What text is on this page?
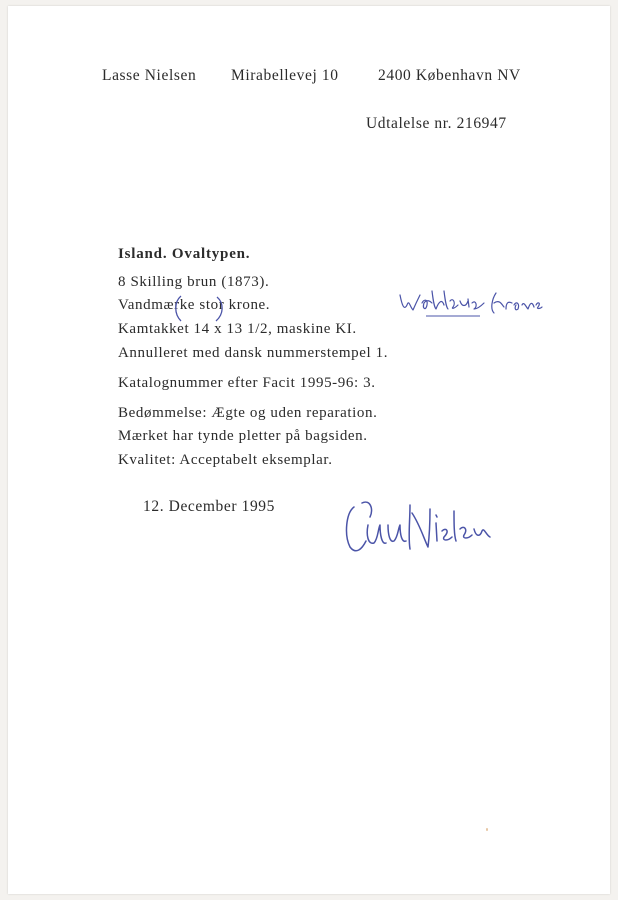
Lasse Nielsen Mirabellevej 10	2400 København NV
Udtalelse nr. 216947
Island. Ovaltypen.
8 Skilling brun (1873).
Vandmærke stor krone.
Kamtakket 14 x 13 1/2, maskine KI.
Annulleret med dansk nummerstempel 1.
Katalognummer efter Facit 1995-96: 3.
Bedømmelse: Ægte og uden reparation.
Mærket har tynde pletter på bagsiden.
Kvalitet: Acceptabelt eksemplar.
12. December 1995
